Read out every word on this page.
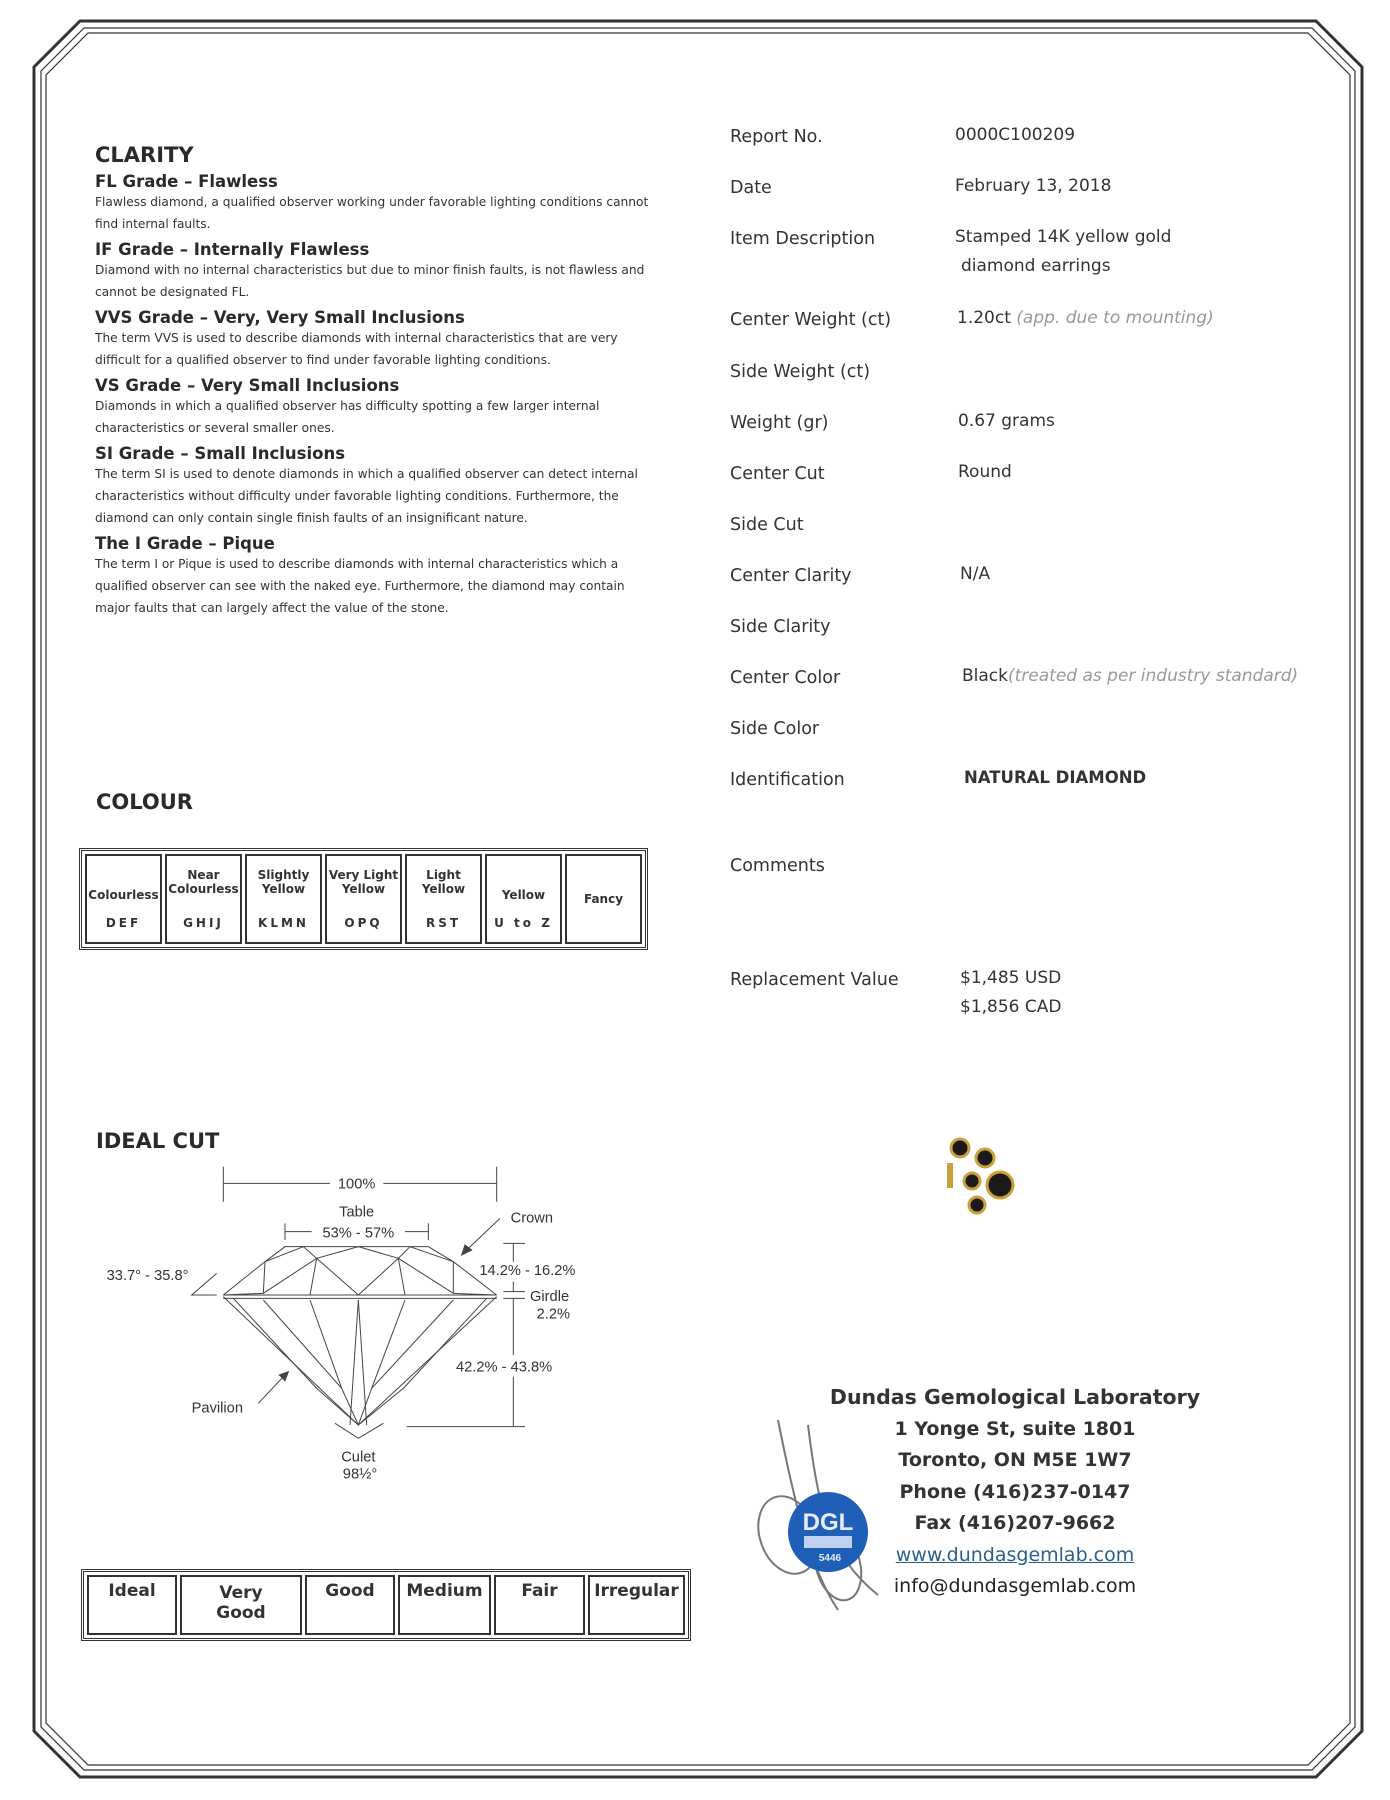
CLARITY
FL Grade – Flawless
Flawless diamond, a qualified observer working under favorable lighting conditions cannot find internal faults.
IF Grade – Internally Flawless
Diamond with no internal characteristics but due to minor finish faults, is not flawless and cannot be designated FL.
VVS Grade – Very, Very Small Inclusions
The term VVS is used to describe diamonds with internal characteristics that are very difficult for a qualified observer to find under favorable lighting conditions.
VS Grade – Very Small Inclusions
Diamonds in which a qualified observer has difficulty spotting a few larger internal characteristics or several smaller ones.
SI Grade – Small Inclusions
The term SI is used to denote diamonds in which a qualified observer can detect internal characteristics without difficulty under favorable lighting conditions. Furthermore, the diamond can only contain single finish faults of an insignificant nature.
The I Grade – Pique
The term I or Pique is used to describe diamonds with internal characteristics which a qualified observer can see with the naked eye. Furthermore, the diamond may contain major faults that can largely affect the value of the stone.
COLOUR
Colourless
DEF

Near Colourless
GHIJ

Slightly Yellow
KLMN

Very Light Yellow
OPQ

Light Yellow
RST

Yellow
U to Z
	Fancy
IDEAL CUT
100%
Table
53% - 57%
Crown
33.7° - 35.8°	14.2% - 16.2%
Girdle
2.2%
42.2% - 43.8%
Pavilion
Culet
98½°
Ideal	Very Good	Good	Medium	Fair	Irregular
Report No.	0000C100209
Date	February 13, 2018
Item Description	Stamped 14K yellow gold
diamond earrings
Center Weight (ct)	1.20ct (app. due to mounting)
Side Weight (ct)
Weight (gr)	0.67 grams
Center Cut	Round
Side Cut
Center Clarity	N/A
Side Clarity
Center Color	Black(treated as per industry standard)
Side Color
Identification	NATURAL DIAMOND
Comments
Replacement Value	$1,485 USD
$1,856 CAD
DGL
5446
Dundas Gemological Laboratory
1 Yonge St, suite 1801
Toronto, ON M5E 1W7
Phone (416)237-0147
Fax (416)207-9662
www.dundasgemlab.com
info@dundasgemlab.com
